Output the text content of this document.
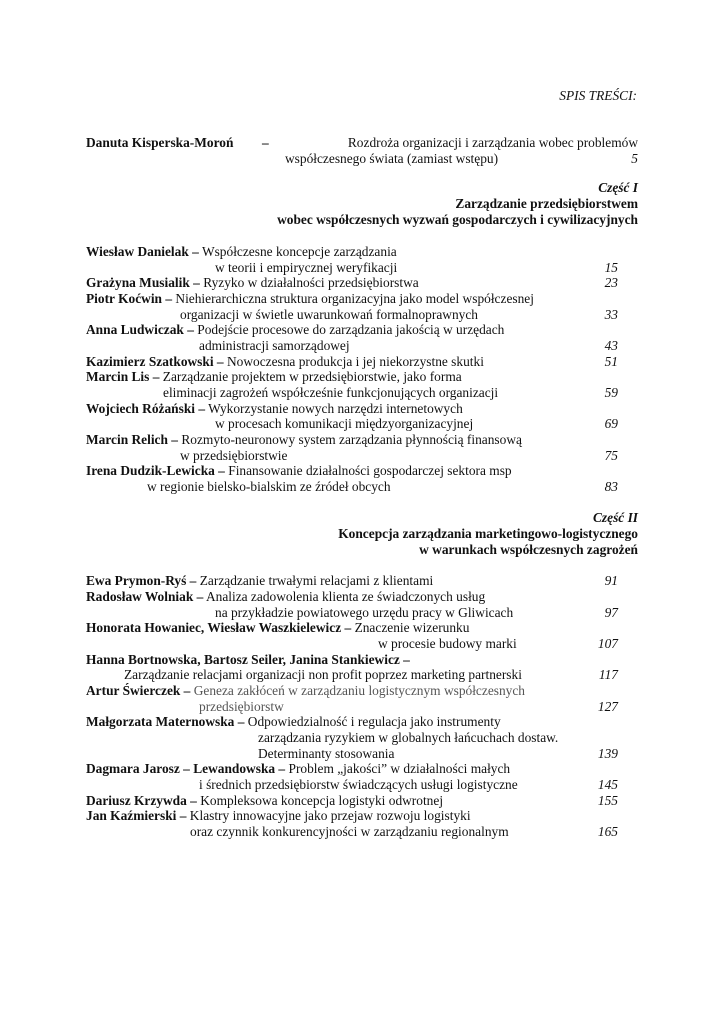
SPIS TREŚCI:
Danuta Kisperska-Moroń –	Rozdroża organizacji i zarządzania wobec problemów
współczesnego świata (zamiast wstępu)	5
Część I
Zarządzanie przedsiębiorstwem
wobec współczesnych wyzwań gospodarczych i cywilizacyjnych
Wiesław Danielak – Współczesne koncepcje zarządzania
w teorii i empirycznej weryfikacji	15
Grażyna Musialik – Ryzyko w działalności przedsiębiorstwa	23
Piotr Koćwin – Niehierarchiczna struktura organizacyjna jako model współczesnej
organizacji w świetle uwarunkowań formalnoprawnych	33
Anna Ludwiczak – Podejście procesowe do zarządzania jakością w urzędach
administracji samorządowej	43
Kazimierz Szatkowski – Nowoczesna produkcja i jej niekorzystne skutki	51
Marcin Lis – Zarządzanie projektem w przedsiębiorstwie, jako forma
eliminacji zagrożeń współcześnie funkcjonujących organizacji	59
Wojciech Różański – Wykorzystanie nowych narzędzi internetowych
w procesach komunikacji międzyorganizacyjnej	69
Marcin Relich – Rozmyto-neuronowy system zarządzania płynnością finansową
w przedsiębiorstwie	75
Irena Dudzik-Lewicka – Finansowanie działalności gospodarczej sektora msp
w regionie bielsko-bialskim ze źródeł obcych	83
Część II
Koncepcja zarządzania marketingowo-logistycznego
w warunkach współczesnych zagrożeń
Ewa Prymon-Ryś – Zarządzanie trwałymi relacjami z klientami	91
Radosław Wolniak – Analiza zadowolenia klienta ze świadczonych usług
na przykładzie powiatowego urzędu pracy w Gliwicach	97
Honorata Howaniec, Wiesław Waszkielewicz – Znaczenie wizerunku
w procesie budowy marki	107
Hanna Bortnowska, Bartosz Seiler, Janina Stankiewicz –
Zarządzanie relacjami organizacji non profit poprzez marketing partnerski	117
Artur Świerczek – Geneza zakłóceń w zarządzaniu logistycznym współczesnych
przedsiębiorstw	127
Małgorzata Maternowska – Odpowiedzialność i regulacja jako instrumenty
zarządzania ryzykiem w globalnych łańcuchach dostaw.
Determinanty stosowania	139
Dagmara Jarosz – Lewandowska – Problem „jakości” w działalności małych
i średnich przedsiębiorstw świadczących usługi logistyczne	145
Dariusz Krzywda – Kompleksowa koncepcja logistyki odwrotnej	155
Jan Kaźmierski – Klastry innowacyjne jako przejaw rozwoju logistyki
oraz czynnik konkurencyjności w zarządzaniu regionalnym	165
